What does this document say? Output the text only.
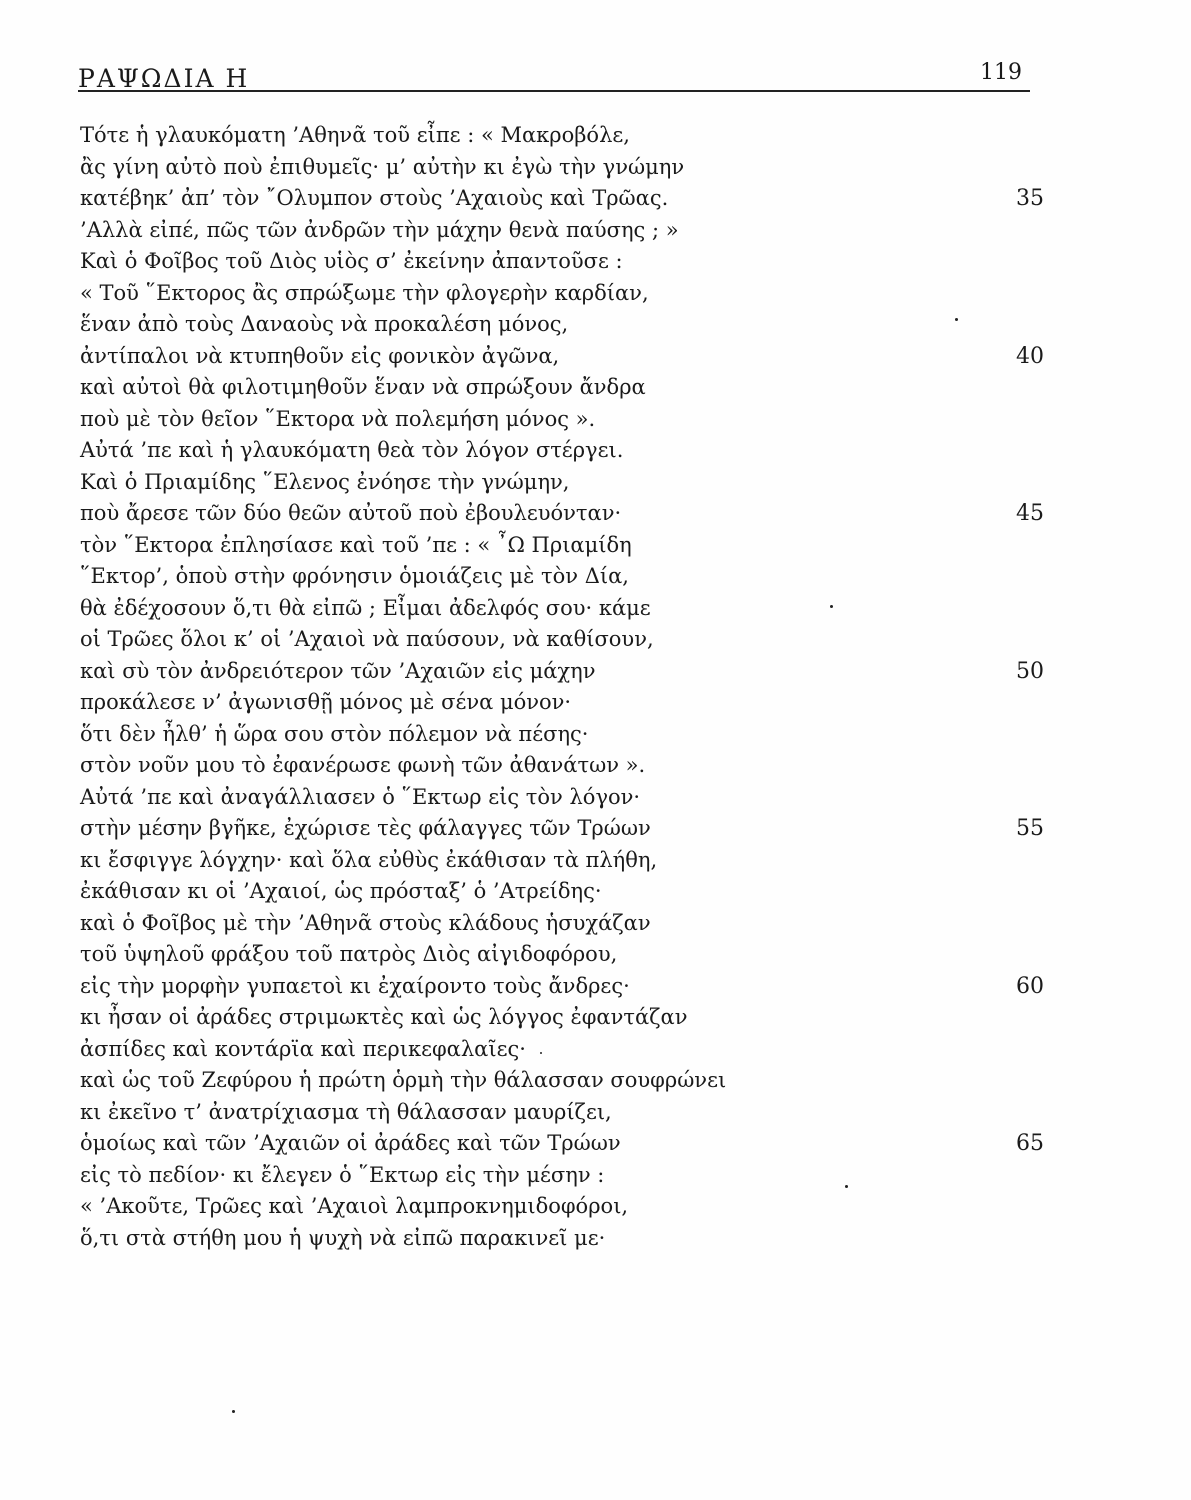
ΡΑΨΩΔΙΑ Η	119
Τότε ἡ γλαυκόματη ’Αθηνᾶ τοῦ εἶπε : « Μακροβόλε,
ἂς γίνη αὐτὸ ποὺ ἐπιθυμεῖς· μ’ αὐτὴν κι ἐγὼ τὴν γνώμην
κατέβηκ’ ἀπ’ τὸν ῎Ολυμπον στοὺς ’Αχαιοὺς καὶ Τρῶας.	35
’Αλλὰ εἰπέ, πῶς τῶν ἀνδρῶν τὴν μάχην θενὰ παύσης ; »
Καὶ ὁ Φοῖβος τοῦ Διὸς υἱὸς σ’ ἐκείνην ἀπαντοῦσε :
« Τοῦ ῞Εκτορος ἂς σπρώξωμε τὴν φλογερὴν καρδίαν,
ἕναν ἀπὸ τοὺς Δαναοὺς νὰ προκαλέση μόνος,
ἀντίπαλοι νὰ κτυπηθοῦν εἰς φονικὸν ἀγῶνα,	40
καὶ αὐτοὶ θὰ φιλοτιμηθοῦν ἕναν νὰ σπρώξουν ἄνδρα
ποὺ μὲ τὸν θεῖον ῞Εκτορα νὰ πολεμήση μόνος ».
Αὐτά ’πε καὶ ἡ γλαυκόματη θεὰ τὸν λόγον στέργει.
Καὶ ὁ Πριαμίδης ῞Ελενος ἐνόησε τὴν γνώμην,
ποὺ ἄρεσε τῶν δύο θεῶν αὐτοῦ ποὺ ἐβουλευόνταν·	45
τὸν ῞Εκτορα ἐπλησίασε καὶ τοῦ ’πε : « ῏Ω Πριαμίδη
῞Εκτορ’, ὁποὺ στὴν φρόνησιν ὁμοιάζεις μὲ τὸν Δία,
θὰ ἐδέχοσουν ὅ,τι θὰ εἰπῶ ; Εἶμαι ἀδελφός σου· κάμε
οἱ Τρῶες ὅλοι κ’ οἱ ’Αχαιοὶ νὰ παύσουν, νὰ καθίσουν,
καὶ σὺ τὸν ἀνδρειότερον τῶν ’Αχαιῶν εἰς μάχην	50
προκάλεσε ν’ ἀγωνισθῇ μόνος μὲ σένα μόνον·
ὅτι δὲν ἦλθ’ ἡ ὥρα σου στὸν πόλεμον νὰ πέσης·
στὸν νοῦν μου τὸ ἐφανέρωσε φωνὴ τῶν ἀθανάτων ».
Αὐτά ’πε καὶ ἀναγάλλιασεν ὁ ῞Εκτωρ εἰς τὸν λόγον·
στὴν μέσην βγῆκε, ἐχώρισε τὲς φάλαγγες τῶν Τρώων	55
κι ἔσφιγγε λόγχην· καὶ ὅλα εὐθὺς ἐκάθισαν τὰ πλήθη,
ἐκάθισαν κι οἱ ’Αχαιοί, ὡς πρόσταξ’ ὁ ’Ατρείδης·
καὶ ὁ Φοῖβος μὲ τὴν ’Αθηνᾶ στοὺς κλάδους ἡσυχάζαν
τοῦ ὑψηλοῦ φράξου τοῦ πατρὸς Διὸς αἰγιδοφόρου,
εἰς τὴν μορφὴν γυπαετοὶ κι ἐχαίροντο τοὺς ἄνδρες·	60
κι ἦσαν οἱ ἀράδες στριμωκτὲς καὶ ὡς λόγγος ἐφαντάζαν
ἀσπίδες καὶ κοντάρϊα καὶ περικεφαλαῖες·
καὶ ὡς τοῦ Ζεφύρου ἡ πρώτη ὁρμὴ τὴν θάλασσαν σουφρώνει
κι ἐκεῖνο τ’ ἀνατρίχιασμα τὴ θάλασσαν μαυρίζει,
ὁμοίως καὶ τῶν ’Αχαιῶν οἱ ἀράδες καὶ τῶν Τρώων	65
εἰς τὸ πεδίον· κι ἔλεγεν ὁ ῞Εκτωρ εἰς τὴν μέσην :
« ’Ακοῦτε, Τρῶες καὶ ’Αχαιοὶ λαμπροκνημιδοφόροι,
ὅ,τι στὰ στήθη μου ἡ ψυχὴ νὰ εἰπῶ παρακινεῖ με·
